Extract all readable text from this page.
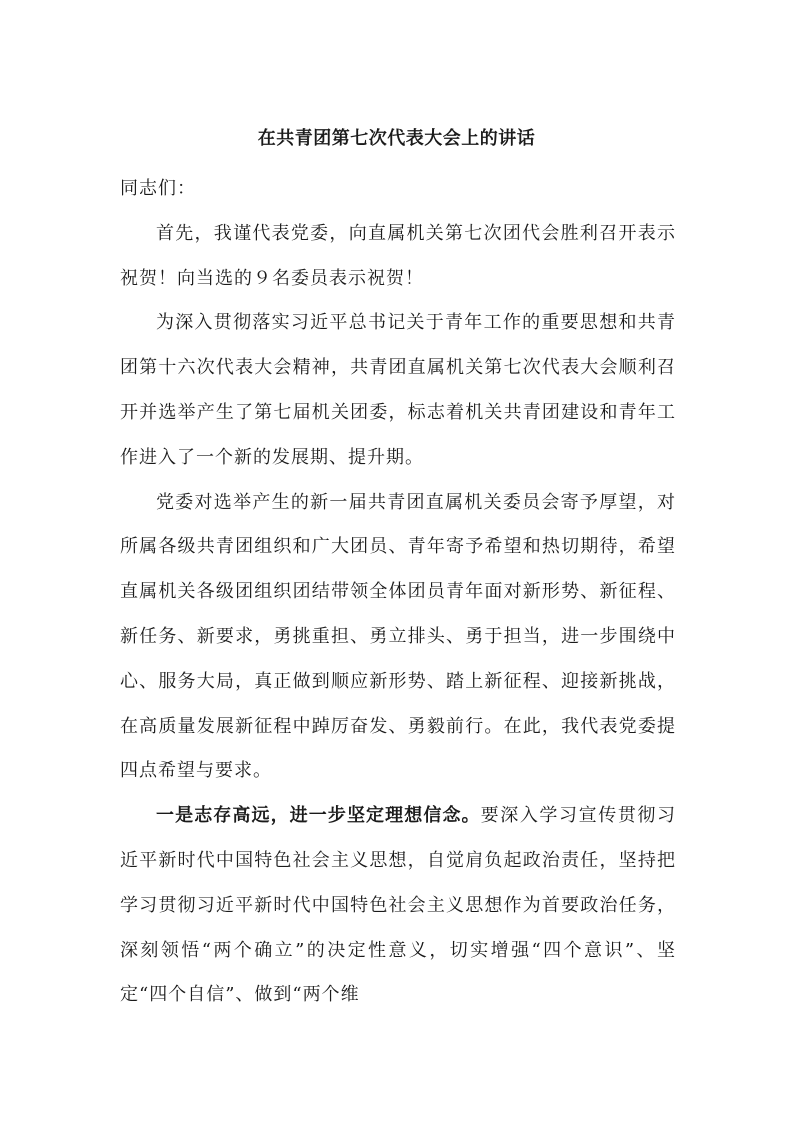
在共青团第七次代表大会上的讲话

同志们：

首先，我谨代表党委，向直属机关第七次团代会胜利召开表示祝贺！向当选的９名委员表示祝贺！

为深入贯彻落实习近平总书记关于青年工作的重要思想和共青团第十六次代表大会精神，共青团直属机关第七次代表大会顺利召开并选举产生了第七届机关团委，标志着机关共青团建设和青年工作进入了一个新的发展期、提升期。

党委对选举产生的新一届共青团直属机关委员会寄予厚望，对所属各级共青团组织和广大团员、青年寄予希望和热切期待，希望直属机关各级团组织团结带领全体团员青年面对新形势、新征程、新任务、新要求，勇挑重担、勇立排头、勇于担当，进一步围绕中心、服务大局，真正做到顺应新形势、踏上新征程、迎接新挑战，在高质量发展新征程中踔厉奋发、勇毅前行。在此，我代表党委提四点希望与要求。

一是志存高远，进一步坚定理想信念。要深入学习宣传贯彻习近平新时代中国特色社会主义思想，自觉肩负起政治责任，坚持把学习贯彻习近平新时代中国特色社会主义思想作为首要政治任务，深刻领悟“两个确立”的决定性意义，切实增强“四个意识”、坚定“四个自信”、做到“两个维
